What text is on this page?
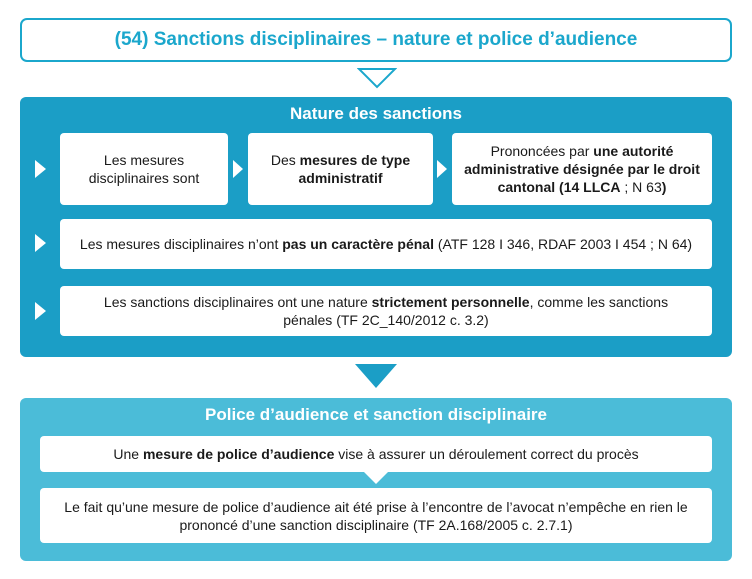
(54) Sanctions disciplinaires – nature et police d’audience
Nature des sanctions
Les mesures disciplinaires sont
Des mesures de type administratif
Prononcées par une autorité administrative désignée par le droit cantonal (14 LLCA ; N 63)
Les mesures disciplinaires n’ont pas un caractère pénal (ATF 128 I 346, RDAF 2003 I 454 ; N 64)
Les sanctions disciplinaires ont une nature strictement personnelle, comme les sanctions pénales (TF 2C_140/2012 c. 3.2)
Police d’audience et sanction disciplinaire
Une mesure de police d’audience vise à assurer un déroulement correct du procès
Le fait qu’une mesure de police d’audience ait été prise à l’encontre de l’avocat n’empêche en rien le prononcé d’une sanction disciplinaire (TF 2A.168/2005 c. 2.7.1)
